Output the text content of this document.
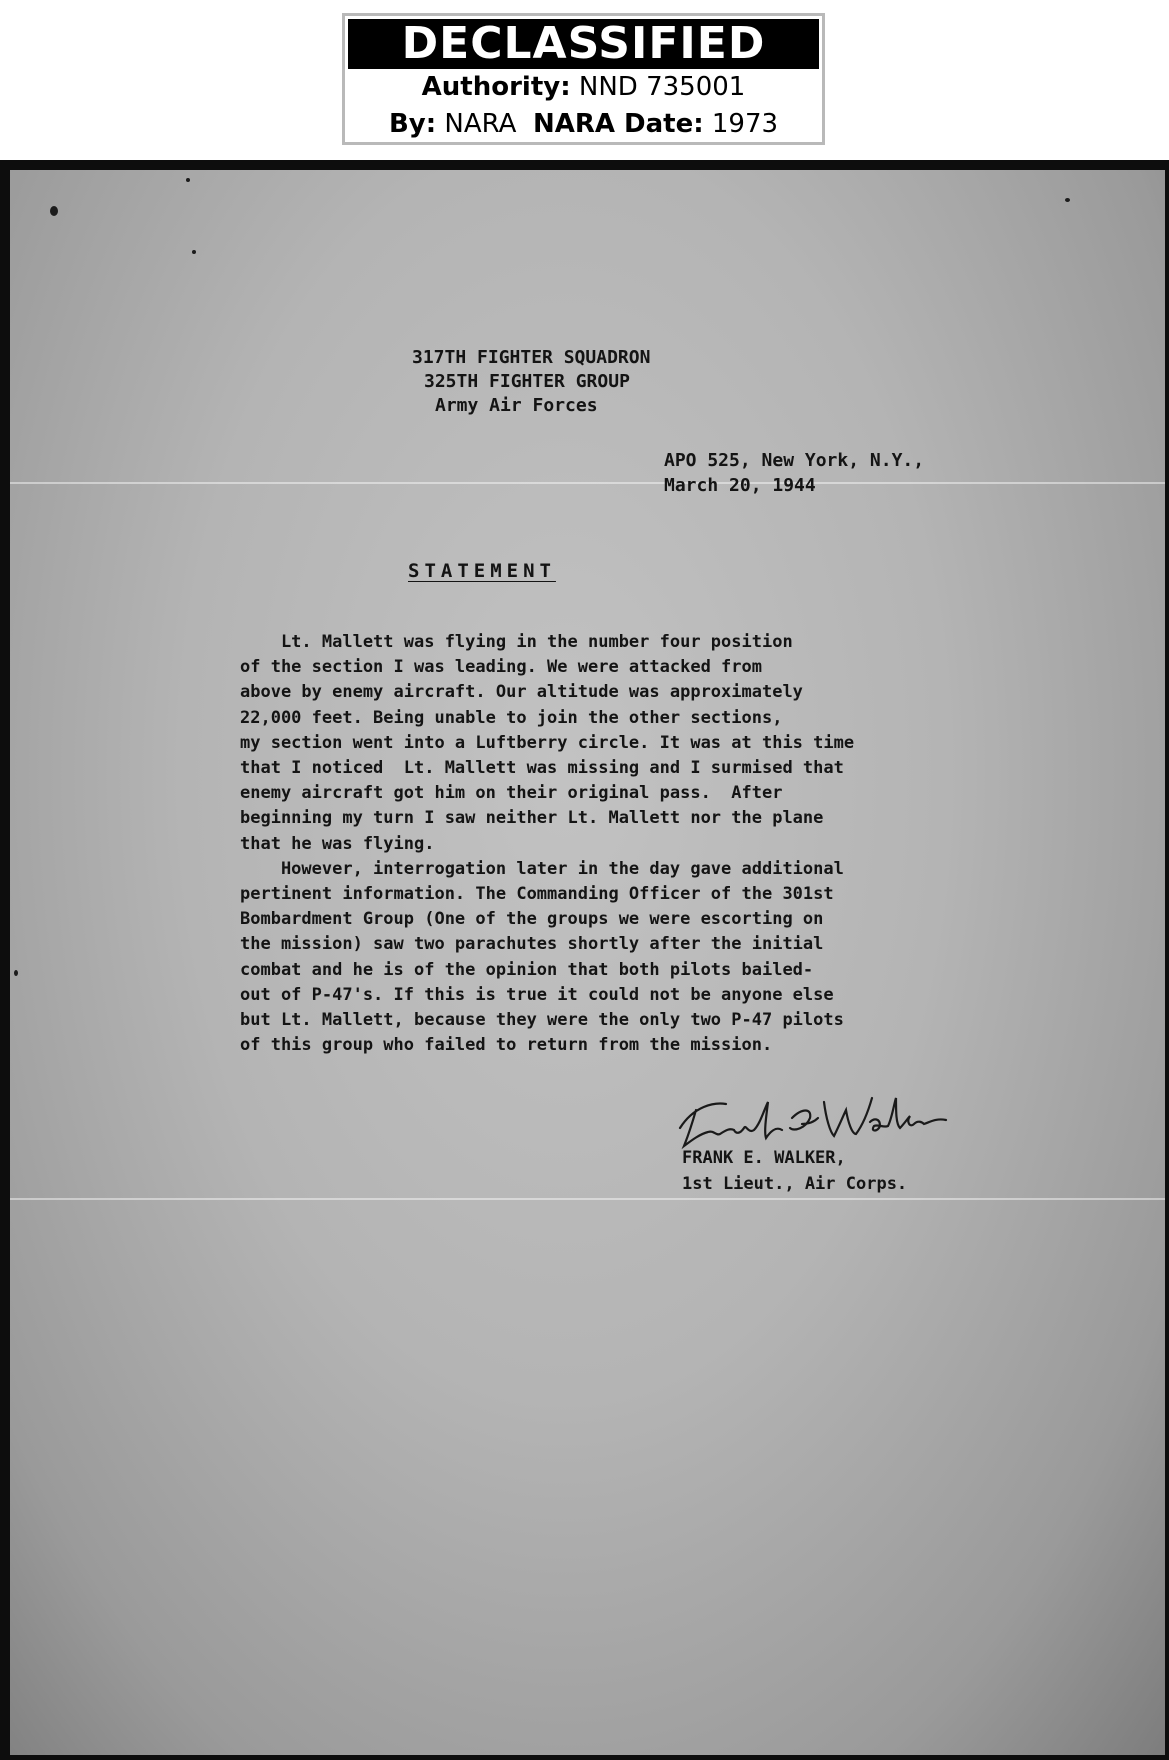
DECLASSIFIED
Authority: NND 735001
By: NARA NARA Date: 1973
317TH FIGHTER SQUADRON
325TH FIGHTER GROUP
Army Air Forces
APO 525, New York, N.Y.,
March 20, 1944
STATEMENT

Lt. Mallett was flying in the number four position

of the section I was leading. We were attacked from

above by enemy aircraft. Our altitude was approximately

22,000 feet. Being unable to join the other sections,

my section went into a Luftberry circle. It was at this time

that I noticed  Lt. Mallett was missing and I surmised that

enemy aircraft got him on their original pass.  After

beginning my turn I saw neither Lt. Mallett nor the plane

that he was flying.

However, interrogation later in the day gave additional

pertinent information. The Commanding Officer of the 301st

Bombardment Group (One of the groups we were escorting on

the mission) saw two parachutes shortly after the initial

combat and he is of the opinion that both pilots bailed-

out of P-47's. If this is true it could not be anyone else

but Lt. Mallett, because they were the only two P-47 pilots

of this group who failed to return from the mission.

FRANK E. WALKER,
1st Lieut., Air Corps.
